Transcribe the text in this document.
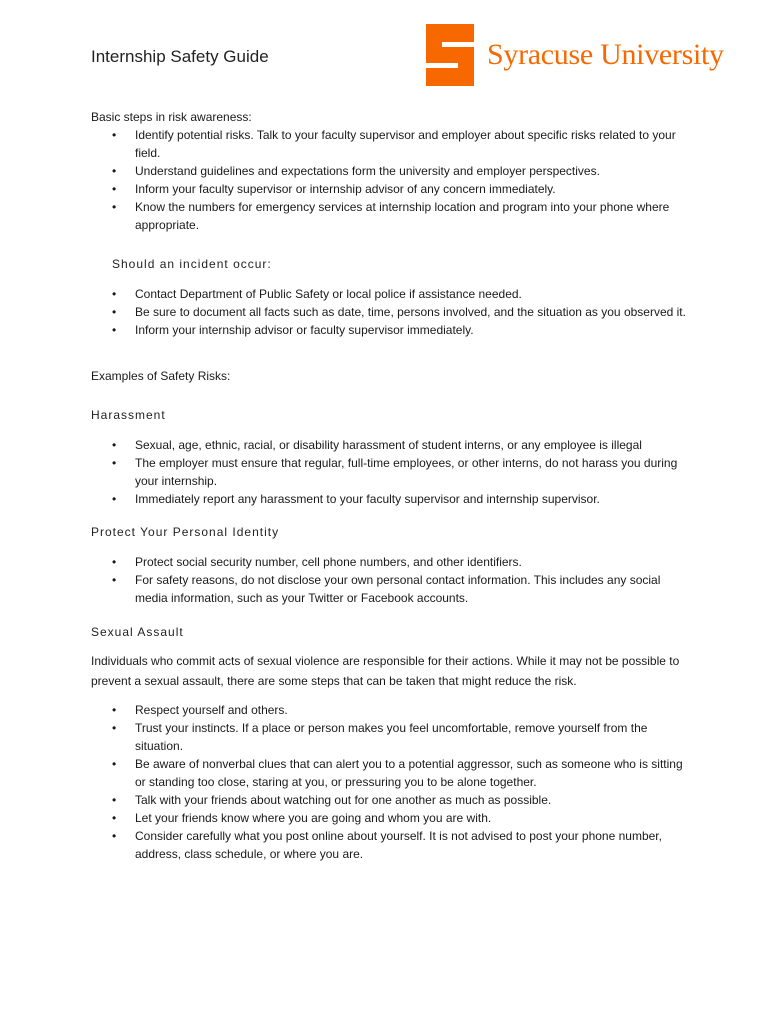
Internship Safety Guide	Syracuse University

Basic steps in risk awareness:

• Identify potential risks. Talk to your faculty supervisor and employer about specific risks related to your field.
• Understand guidelines and expectations form the university and employer perspectives.
• Inform your faculty supervisor or internship advisor of any concern immediately.
• Know the numbers for emergency services at internship location and program into your phone where appropriate.

Should an incident occur:

• Contact Department of Public Safety or local police if assistance needed.
• Be sure to document all facts such as date, time, persons involved, and the situation as you observed it.
• Inform your internship advisor or faculty supervisor immediately.

Examples of Safety Risks:

Harassment

• Sexual, age, ethnic, racial, or disability harassment of student interns, or any employee is illegal
• The employer must ensure that regular, full-time employees, or other interns, do not harass you during your internship.
• Immediately report any harassment to your faculty supervisor and internship supervisor.

Protect Your Personal Identity

• Protect social security number, cell phone numbers, and other identifiers.
• For safety reasons, do not disclose your own personal contact information. This includes any social media information, such as your Twitter or Facebook accounts.

Sexual Assault

Individuals who commit acts of sexual violence are responsible for their actions. While it may not be possible to prevent a sexual assault, there are some steps that can be taken that might reduce the risk.

• Respect yourself and others.
• Trust your instincts. If a place or person makes you feel uncomfortable, remove yourself from the situation.
• Be aware of nonverbal clues that can alert you to a potential aggressor, such as someone who is sitting or standing too close, staring at you, or pressuring you to be alone together.
• Talk with your friends about watching out for one another as much as possible.
• Let your friends know where you are going and whom you are with.
• Consider carefully what you post online about yourself. It is not advised to post your phone number, address, class schedule, or where you are.
